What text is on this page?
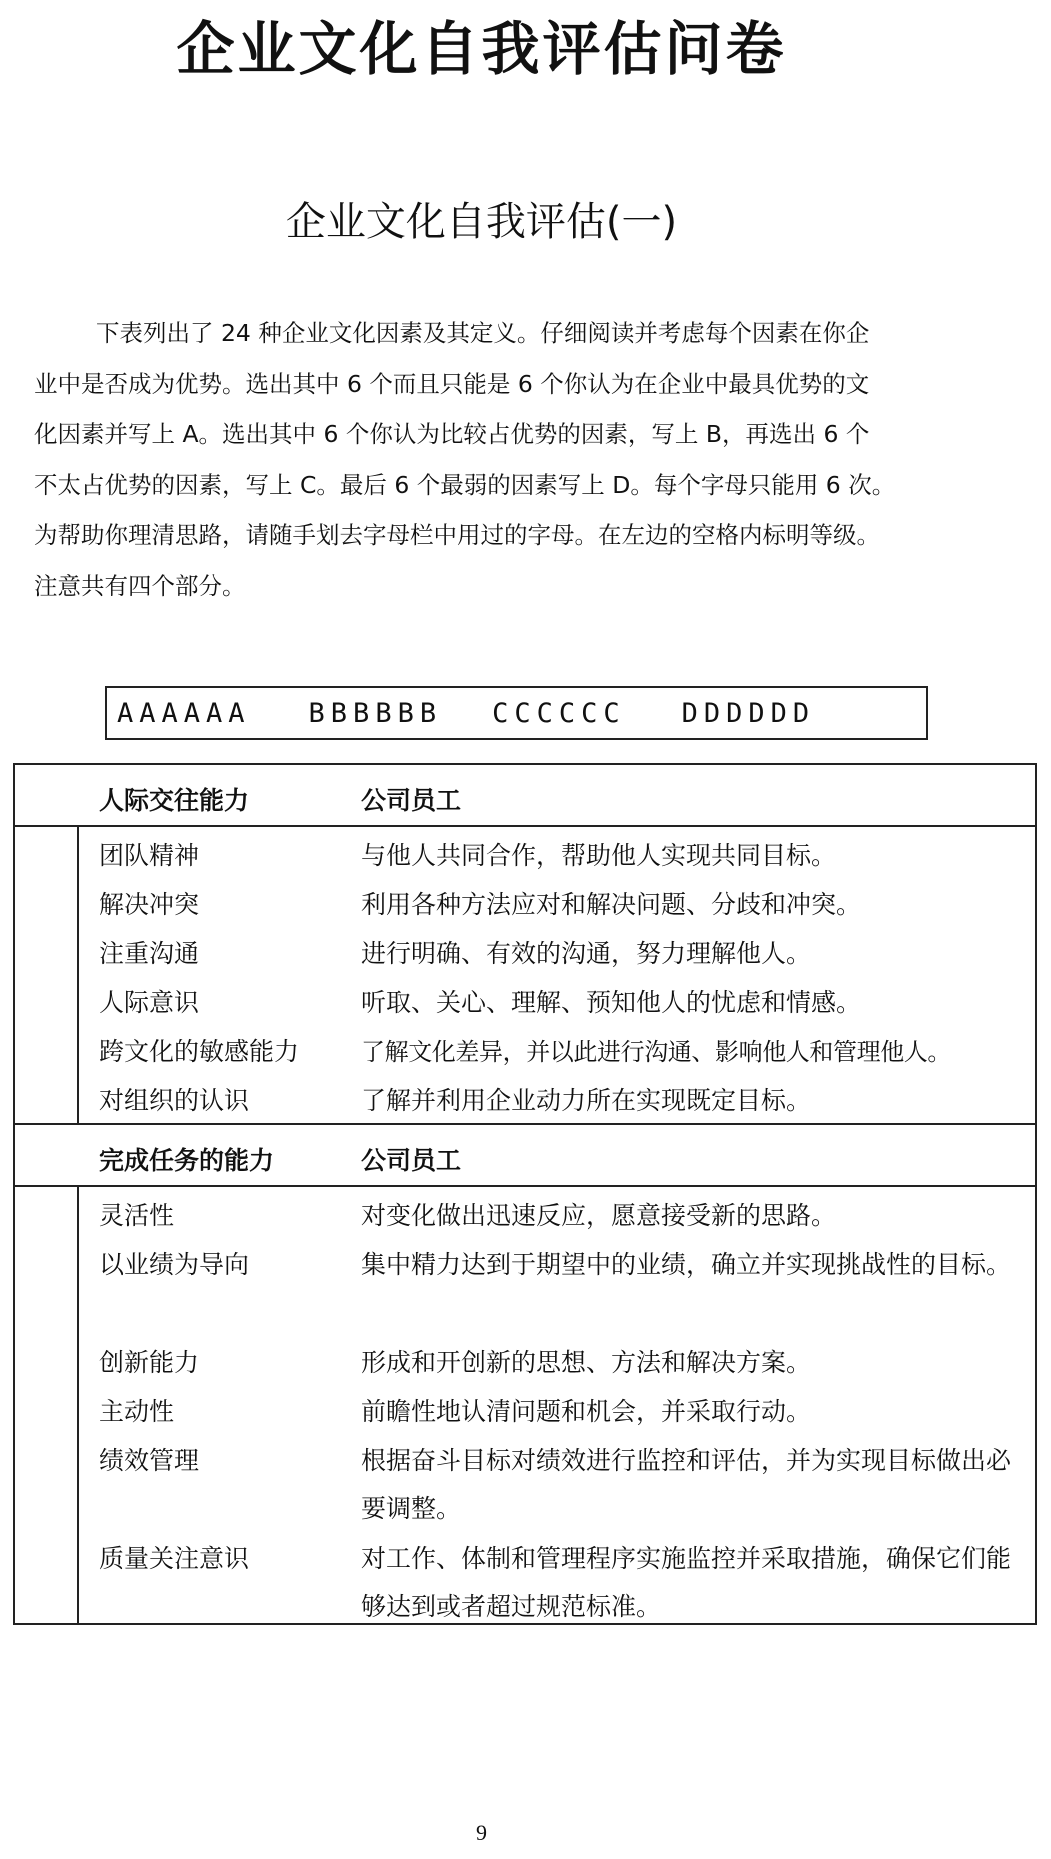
企业文化自我评估问卷
企业文化自我评估(一)

下表列出了 24 种企业文化因素及其定义。仔细阅读并考虑每个因素在你企

业中是否成为优势。选出其中 6 个而且只能是 6 个你认为在企业中最具优势的文

化因素并写上 A。选出其中 6 个你认为比较占优势的因素，写上 B，再选出 6 个

不太占优势的因素，写上 C。最后 6 个最弱的因素写上 D。每个字母只能用 6 次。

为帮助你理清思路，请随手划去字母栏中用过的字母。在左边的空格内标明等级。

注意共有四个部分。

AAAAAA BBBBBB CCCCCC DDDDDD
人际交往能力	公司员工
团队精神	与他人共同合作，帮助他人实现共同目标。
解决冲突	利用各种方法应对和解决问题、分歧和冲突。
注重沟通	进行明确、有效的沟通，努力理解他人。
人际意识	听取、关心、理解、预知他人的忧虑和情感。
跨文化的敏感能力	了解文化差异，并以此进行沟通、影响他人和管理他人。
对组织的认识	了解并利用企业动力所在实现既定目标。
完成任务的能力	公司员工
灵活性	对变化做出迅速反应，愿意接受新的思路。
以业绩为导向	集中精力达到于期望中的业绩，确立并实现挑战性的目标。
创新能力	形成和开创新的思想、方法和解决方案。
主动性	前瞻性地认清问题和机会，并采取行动。
绩效管理	根据奋斗目标对绩效进行监控和评估，并为实现目标做出必要调整。
质量关注意识	对工作、体制和管理程序实施监控并采取措施，确保它们能够达到或者超过规范标准。
9
